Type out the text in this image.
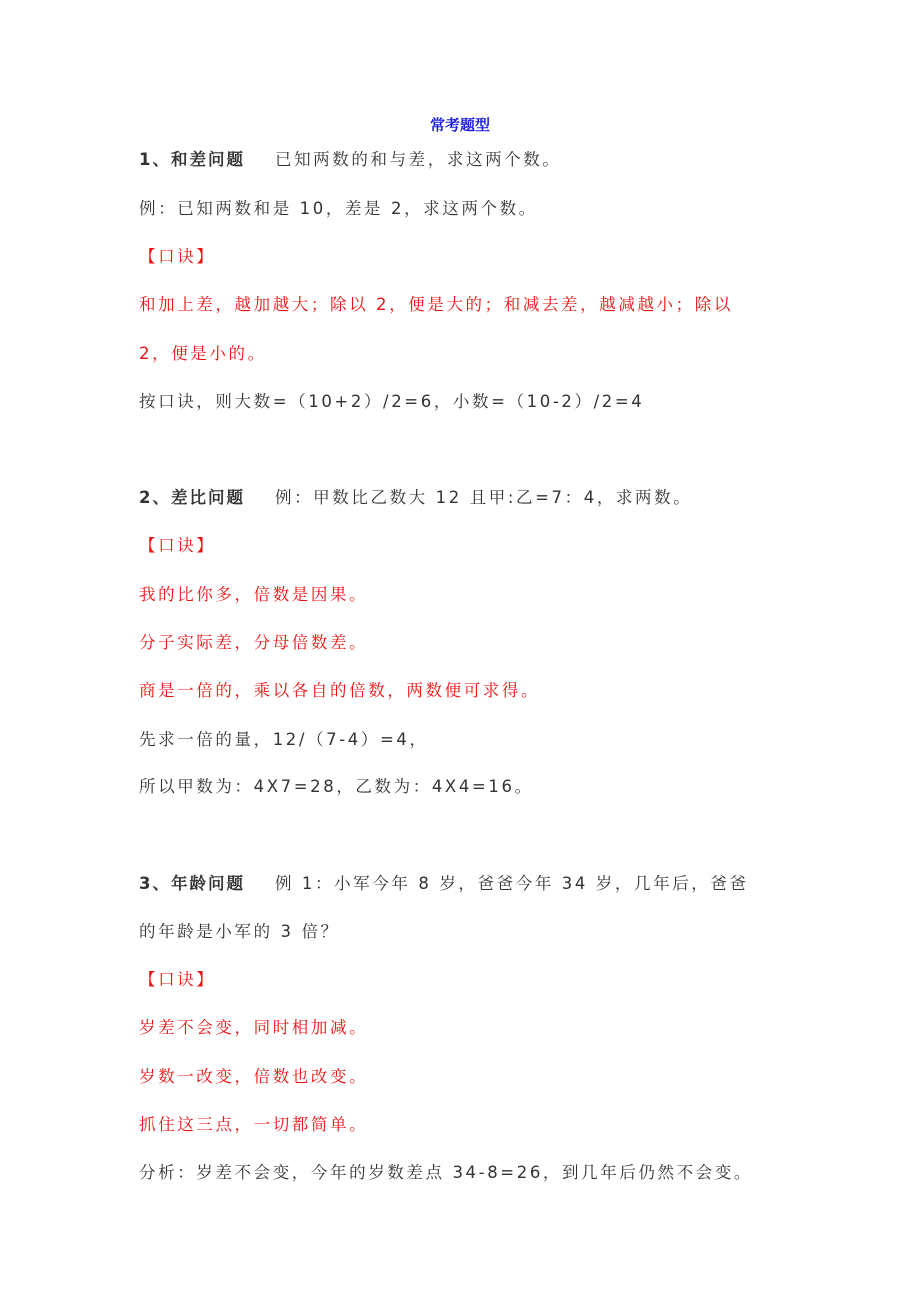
常考题型
1、和差问题 已知两数的和与差，求这两个数。
例：已知两数和是 10，差是 2，求这两个数。
【口诀】
和加上差，越加越大；除以 2，便是大的；和减去差，越减越小；除以
2，便是小的。
按口诀，则大数=（10+2）/2=6，小数=（10-2）/2=4
2、差比问题 例：甲数比乙数大 12 且甲:乙=7：4，求两数。
【口诀】
我的比你多，倍数是因果。
分子实际差，分母倍数差。
商是一倍的，乘以各自的倍数，两数便可求得。
先求一倍的量，12/（7-4）=4，
所以甲数为：4X7=28，乙数为：4X4=16。
3、年龄问题 例 1：小军今年 8 岁，爸爸今年 34 岁，几年后，爸爸
的年龄是小军的 3 倍？
【口诀】
岁差不会变，同时相加减。
岁数一改变，倍数也改变。
抓住这三点，一切都简单。
分析：岁差不会变，今年的岁数差点 34-8=26，到几年后仍然不会变。
